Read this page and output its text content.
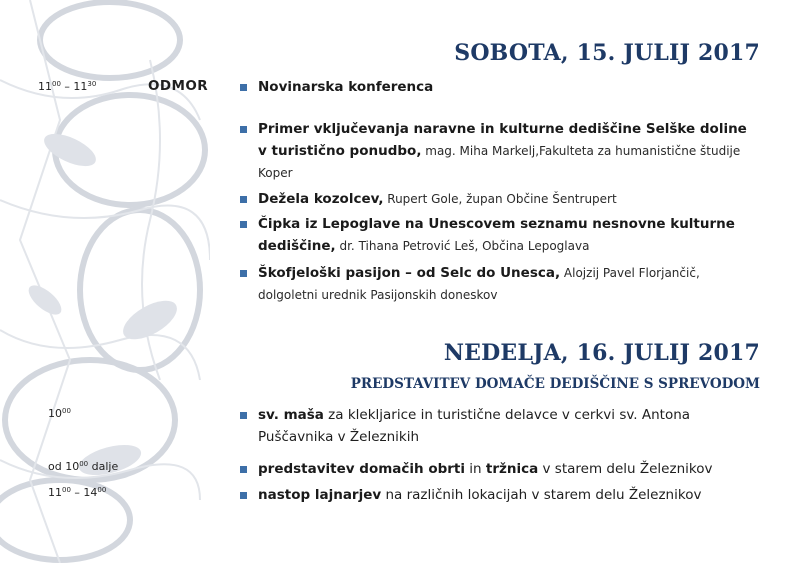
SOBOTA, 15. JULIJ 2017
$11^{00} - 11^{30}$	ODMOR	Novinarska konferenca
Primer vključevanja naravne in kulturne dediščine Selške doline v turistično ponudbo, mag. Miha Markelj,Fakulteta za humanistične študije Koper
Dežela kozolcev, Rupert Gole, župan Občine Šentrupert
Čipka iz Lepoglave na Unescovem seznamu nesnovne kulturne dediščine, dr. Tihana Petrović Leš, Občina Lepoglava
Škofjeloški pasijon – od Selc do Unesca, Alojzij Pavel Florjančič, dolgoletni urednik Pasijonskih doneskov
NEDELJA, 16. JULIJ 2017
PREDSTAVITEV DOMAČE DEDIŠČINE S SPREVODOM
$10^{00}$
od $10^{00}$ dalje
$11^{00} - 14^{00}$
sv. maša za klekljarice in turistične delavce v cerkvi sv. Antona Puščavnika v Železnikih
predstavitev domačih obrti in tržnica v starem delu Železnikov
nastop lajnarjev na različnih lokacijah v starem delu Železnikov
